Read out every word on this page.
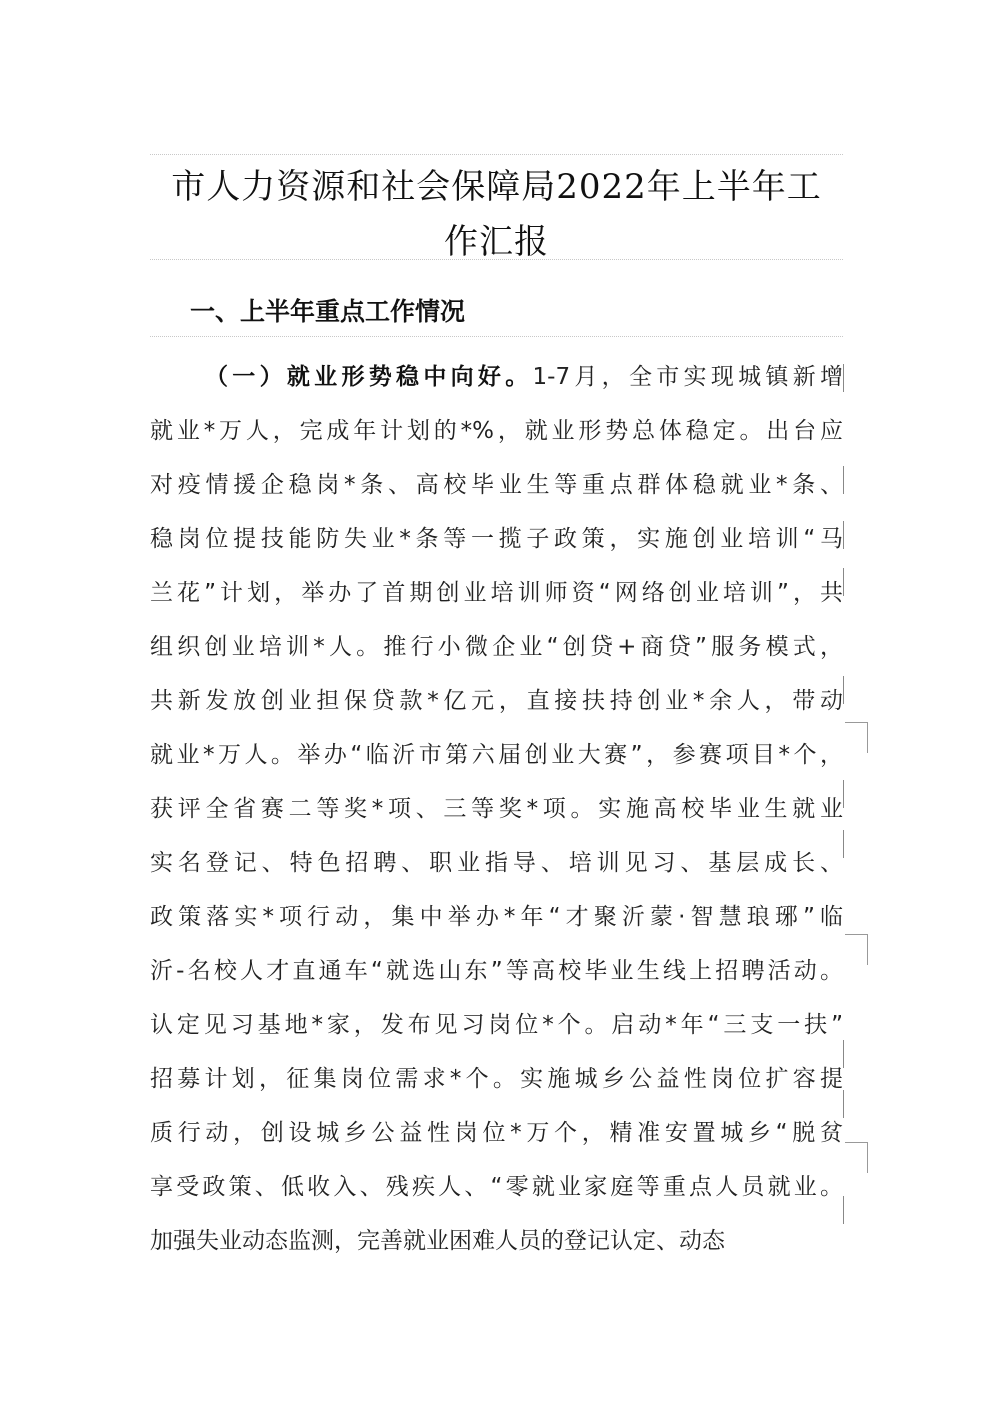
市人力资源和社会保障局2022年上半年工
作汇报
一、上半年重点工作情况
（一）就业形势稳中向好。1-7月，全市实现城镇新增
就业*万人，完成年计划的*%，就业形势总体稳定。出台应
对疫情援企稳岗*条、高校毕业生等重点群体稳就业*条、
稳岗位提技能防失业*条等一揽子政策，实施创业培训“马
兰花”计划，举办了首期创业培训师资“网络创业培训”，共
组织创业培训*人。推行小微企业“创贷+商贷”服务模式，
共新发放创业担保贷款*亿元，直接扶持创业*余人，带动
就业*万人。举办“临沂市第六届创业大赛”，参赛项目*个，
获评全省赛二等奖*项、三等奖*项。实施高校毕业生就业
实名登记、特色招聘、职业指导、培训见习、基层成长、
政策落实*项行动，集中举办*年“才聚沂蒙·智慧琅琊”临
沂-名校人才直通车“就选山东”等高校毕业生线上招聘活动。
认定见习基地*家，发布见习岗位*个。启动*年“三支一扶”
招募计划，征集岗位需求*个。实施城乡公益性岗位扩容提
质行动，创设城乡公益性岗位*万个，精准安置城乡“脱贫
享受政策、低收入、残疾人、“零就业家庭等重点人员就业。
加强失业动态监测，完善就业困难人员的登记认定、动态
